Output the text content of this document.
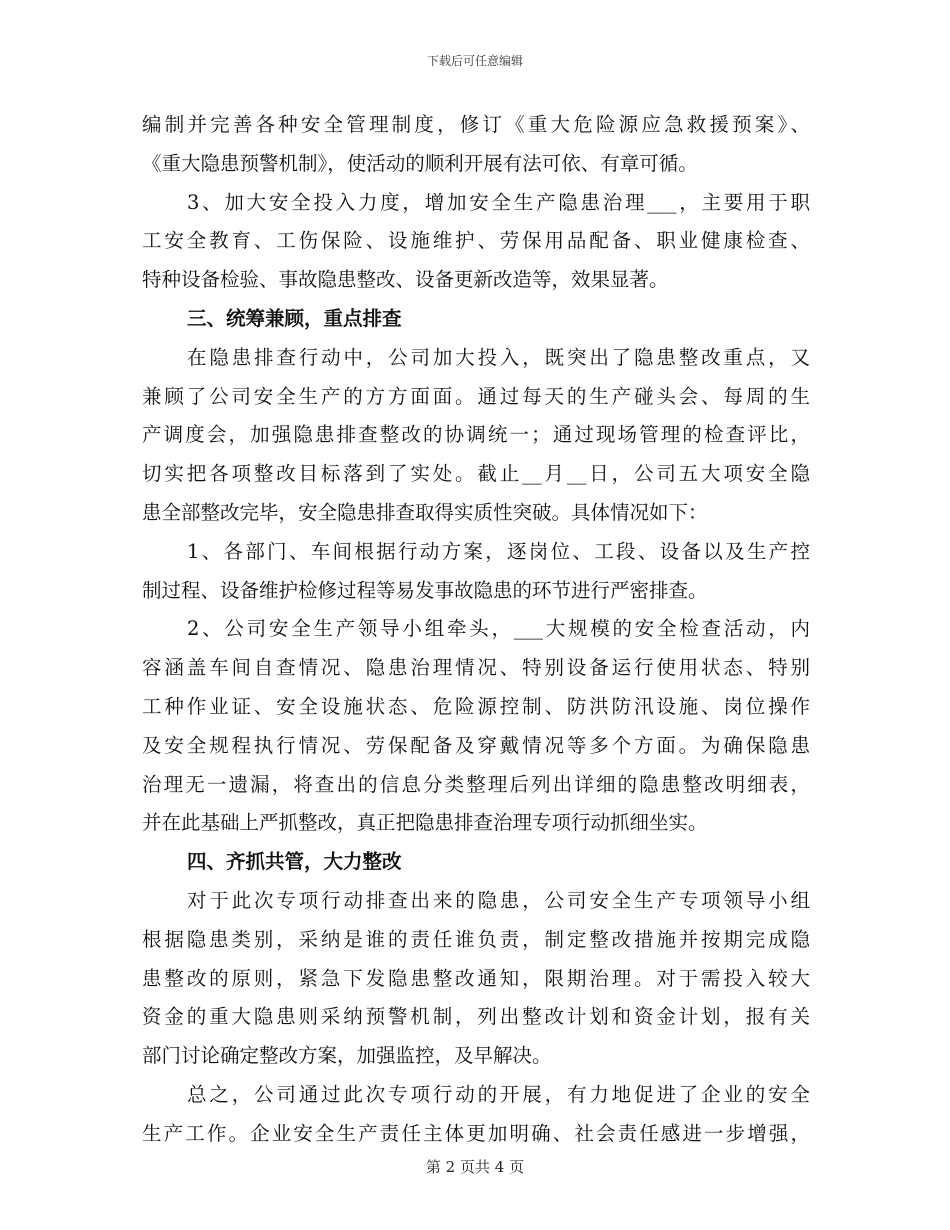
下载后可任意编辑
编制并完善各种安全管理制度，修订《重大危险源应急救援预案》、
《重大隐患预警机制》，使活动的顺利开展有法可依、有章可循。
3、加大安全投入力度，增加安全生产隐患治理___，主要用于职
工安全教育、工伤保险、设施维护、劳保用品配备、职业健康检查、
特种设备检验、事故隐患整改、设备更新改造等，效果显著。
三、统筹兼顾，重点排查
在隐患排查行动中，公司加大投入，既突出了隐患整改重点，又
兼顾了公司安全生产的方方面面。通过每天的生产碰头会、每周的生
产调度会，加强隐患排查整改的协调统一；通过现场管理的检查评比，
切实把各项整改目标落到了实处。截止__月__日，公司五大项安全隐
患全部整改完毕，安全隐患排查取得实质性突破。具体情况如下：
1、各部门、车间根据行动方案，逐岗位、工段、设备以及生产控
制过程、设备维护检修过程等易发事故隐患的环节进行严密排查。
2、公司安全生产领导小组牵头，___大规模的安全检查活动，内
容涵盖车间自查情况、隐患治理情况、特别设备运行使用状态、特别
工种作业证、安全设施状态、危险源控制、防洪防汛设施、岗位操作
及安全规程执行情况、劳保配备及穿戴情况等多个方面。为确保隐患
治理无一遗漏，将查出的信息分类整理后列出详细的隐患整改明细表，
并在此基础上严抓整改，真正把隐患排查治理专项行动抓细坐实。
四、齐抓共管，大力整改
对于此次专项行动排查出来的隐患，公司安全生产专项领导小组
根据隐患类别，采纳是谁的责任谁负责，制定整改措施并按期完成隐
患整改的原则，紧急下发隐患整改通知，限期治理。对于需投入较大
资金的重大隐患则采纳预警机制，列出整改计划和资金计划，报有关
部门讨论确定整改方案，加强监控，及早解决。
总之，公司通过此次专项行动的开展，有力地促进了企业的安全
生产工作。企业安全生产责任主体更加明确、社会责任感进一步增强，
第 2 页共 4 页
